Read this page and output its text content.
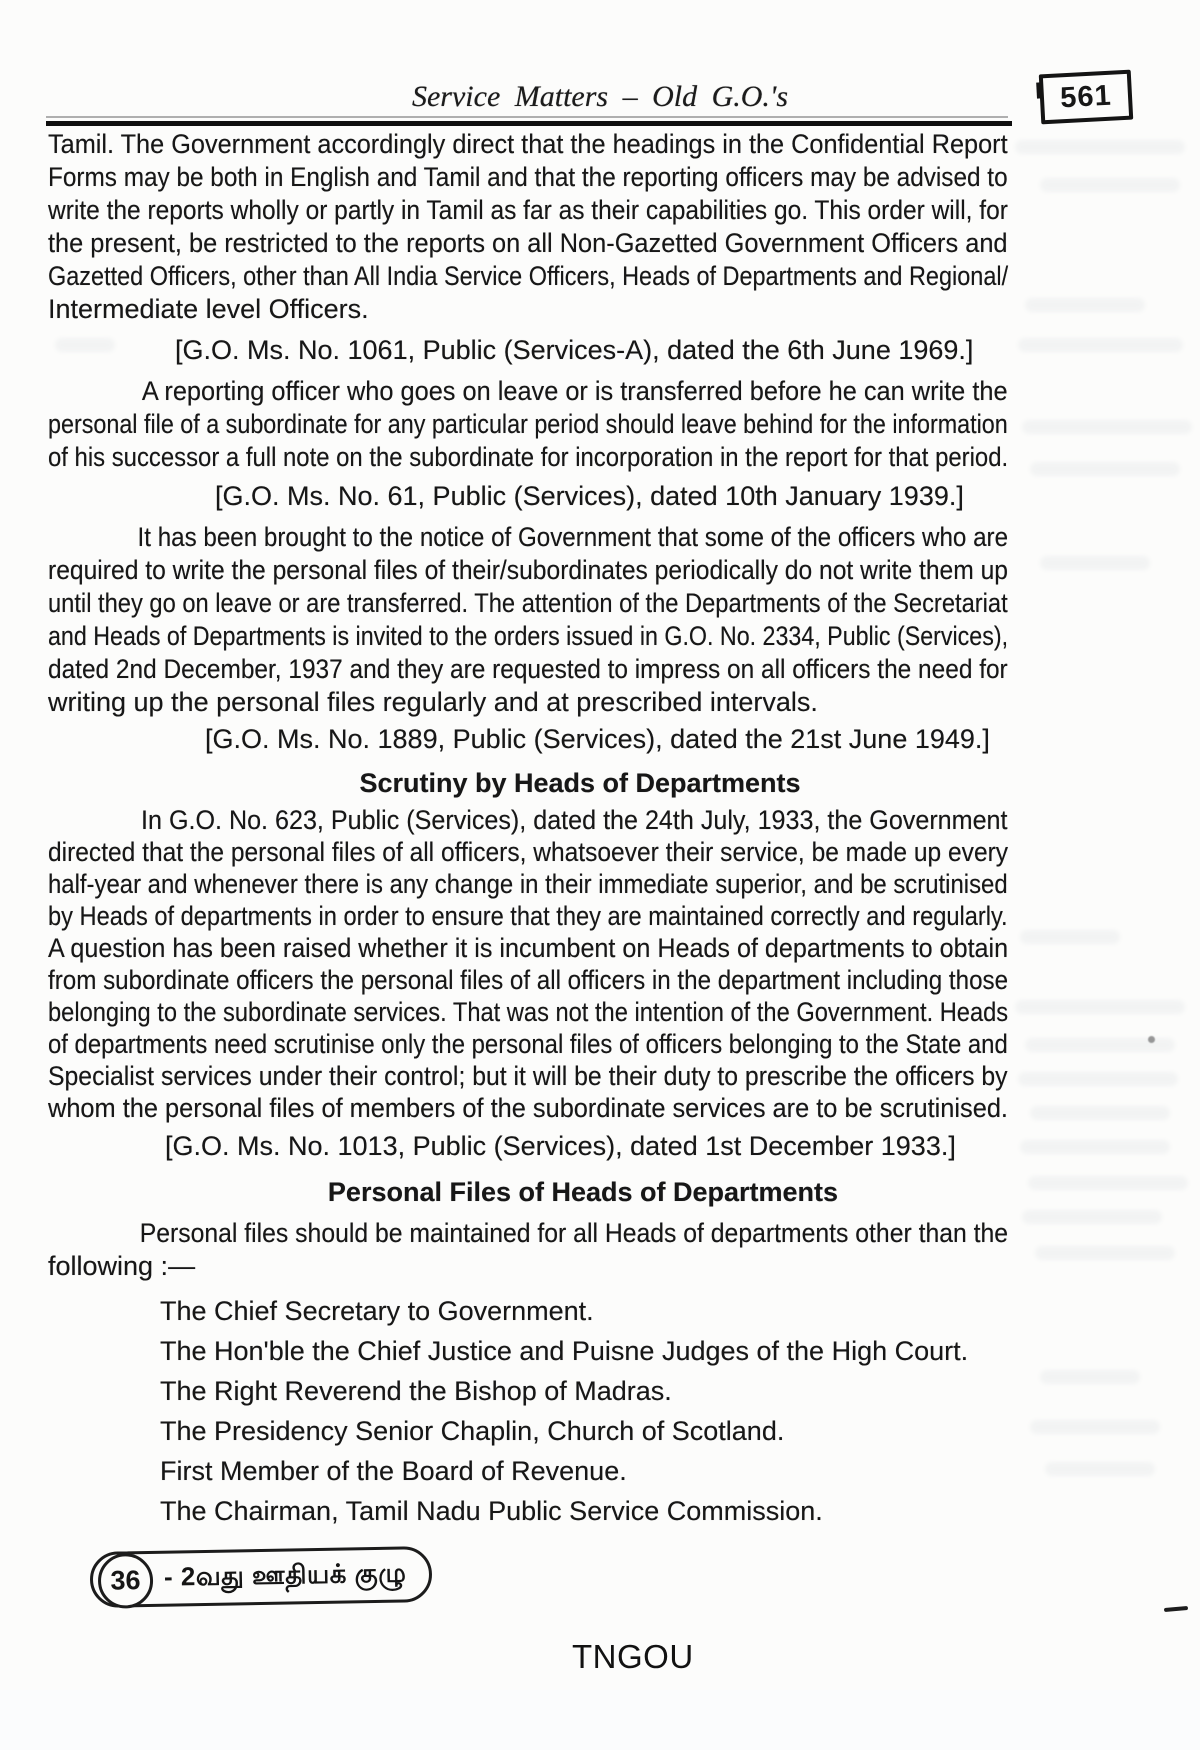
Service Matters – Old G.O.'s	561
Tamil. The Government accordingly direct that the headings in the Confidential Report
Forms may be both in English and Tamil and that the reporting officers may be advised to
write the reports wholly or partly in Tamil as far as their capabilities go. This order will, for
the present, be restricted to the reports on all Non-Gazetted Government Officers and
Gazetted Officers, other than All India Service Officers, Heads of Departments and Regional/
Intermediate level Officers.
[G.O. Ms. No. 1061, Public (Services-A), dated the 6th June 1969.]
A reporting officer who goes on leave or is transferred before he can write the
personal file of a subordinate for any particular period should leave behind for the information
of his successor a full note on the subordinate for incorporation in the report for that period.
[G.O. Ms. No. 61, Public (Services), dated 10th January 1939.]
It has been brought to the notice of Government that some of the officers who are
required to write the personal files of their/subordinates periodically do not write them up
until they go on leave or are transferred. The attention of the Departments of the Secretariat
and Heads of Departments is invited to the orders issued in G.O. No. 2334, Public (Services),
dated 2nd December, 1937 and they are requested to impress on all officers the need for
writing up the personal files regularly and at prescribed intervals.
[G.O. Ms. No. 1889, Public (Services), dated the 21st June 1949.]
Scrutiny by Heads of Departments
In G.O. No. 623, Public (Services), dated the 24th July, 1933, the Government
directed that the personal files of all officers, whatsoever their service, be made up every
half-year and whenever there is any change in their immediate superior, and be scrutinised
by Heads of departments in order to ensure that they are maintained correctly and regularly.
A question has been raised whether it is incumbent on Heads of departments to obtain
from subordinate officers the personal files of all officers in the department including those
belonging to the subordinate services. That was not the intention of the Government. Heads
of departments need scrutinise only the personal files of officers belonging to the State and
Specialist services under their control; but it will be their duty to prescribe the officers by
whom the personal files of members of the subordinate services are to be scrutinised.
[G.O. Ms. No. 1013, Public (Services), dated 1st December 1933.]
Personal Files of Heads of Departments
Personal files should be maintained for all Heads of departments other than the
following :—
The Chief Secretary to Government.
The Hon'ble the Chief Justice and Puisne Judges of the High Court.
The Right Reverend the Bishop of Madras.
The Presidency Senior Chaplin, Church of Scotland.
First Member of the Board of Revenue.
The Chairman, Tamil Nadu Public Service Commission.
36 - 2வது ஊதியக் குழு
TNGOU
